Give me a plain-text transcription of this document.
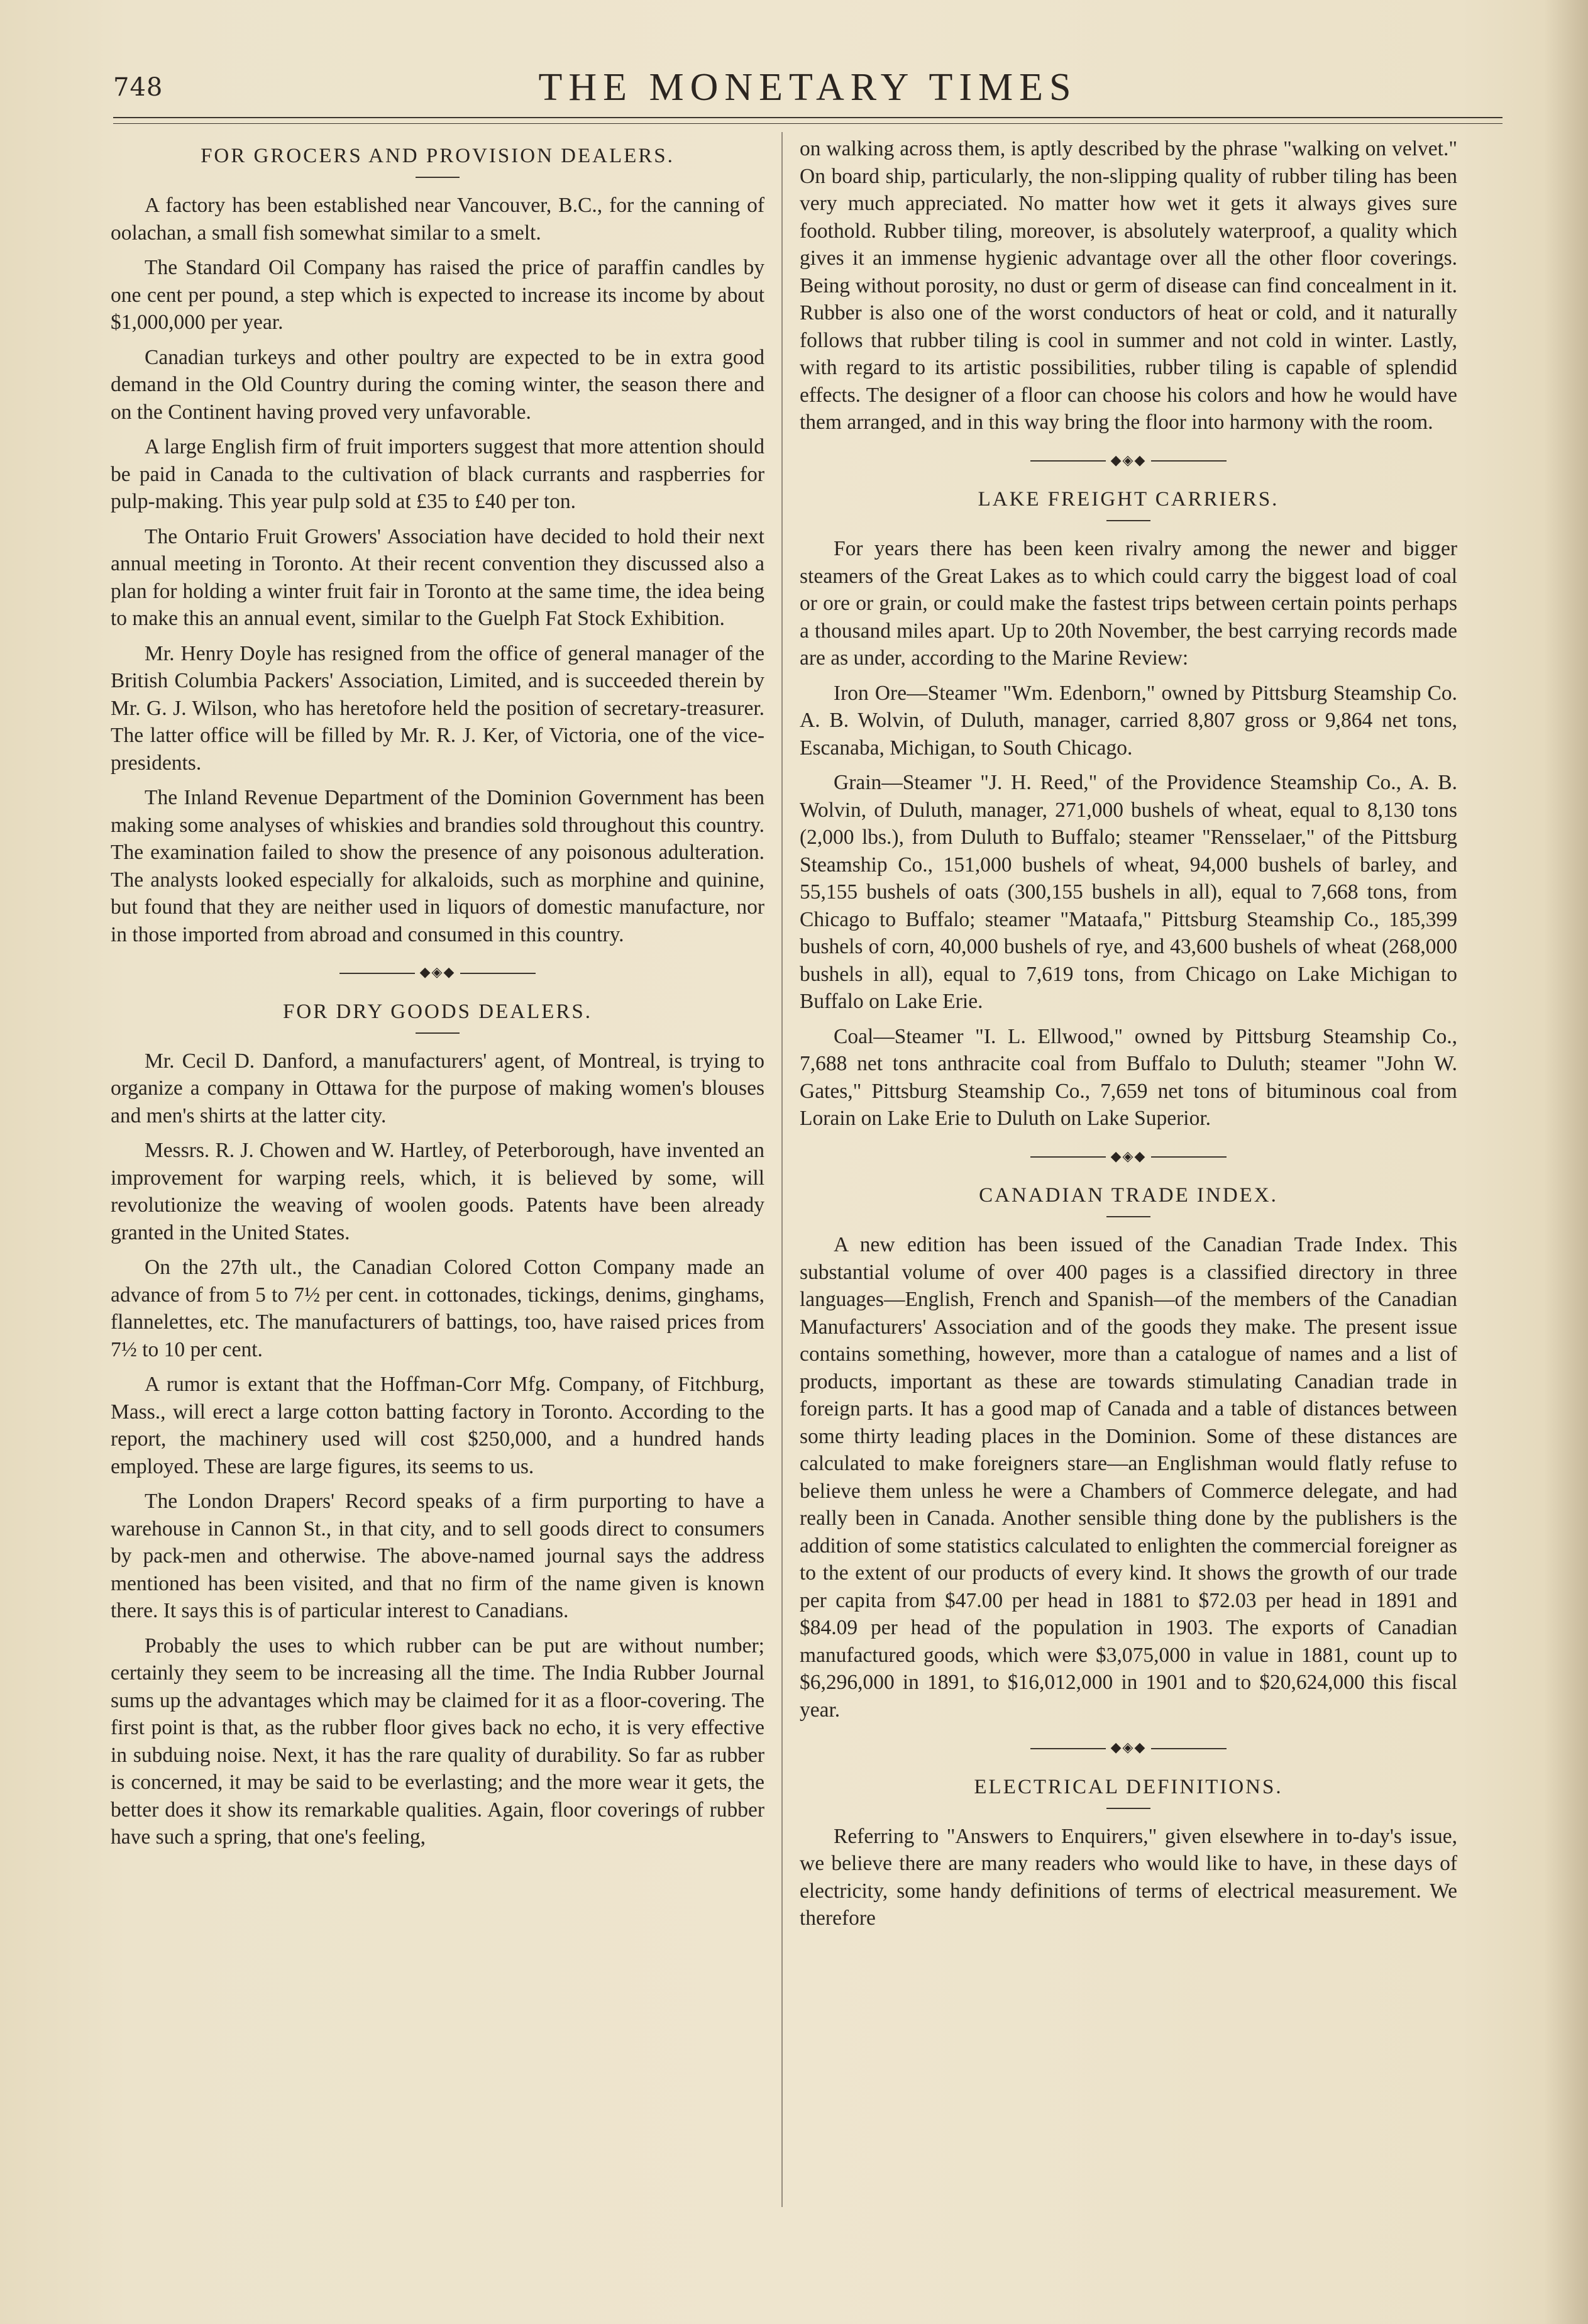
748	THE MONETARY TIMES
FOR GROCERS AND PROVISION DEALERS.

A factory has been established near Vancouver, B.C., for the canning of oolachan, a small fish somewhat similar to a smelt.

The Standard Oil Company has raised the price of paraffin candles by one cent per pound, a step which is expected to increase its income by about $1,000,000 per year.

Canadian turkeys and other poultry are expected to be in extra good demand in the Old Country during the coming winter, the season there and on the Continent having proved very unfavorable.

A large English firm of fruit importers suggest that more attention should be paid in Canada to the cultivation of black currants and raspberries for pulp-making. This year pulp sold at £35 to £40 per ton.

The Ontario Fruit Growers' Association have decided to hold their next annual meeting in Toronto. At their recent convention they discussed also a plan for holding a winter fruit fair in Toronto at the same time, the idea being to make this an annual event, similar to the Guelph Fat Stock Exhibition.

Mr. Henry Doyle has resigned from the office of general manager of the British Columbia Packers' Association, Limited, and is succeeded therein by Mr. G. J. Wilson, who has heretofore held the position of secretary-treasurer. The latter office will be filled by Mr. R. J. Ker, of Victoria, one of the vice-presidents.

The Inland Revenue Department of the Dominion Government has been making some analyses of whiskies and brandies sold throughout this country. The examination failed to show the presence of any poisonous adulteration. The analysts looked especially for alkaloids, such as morphine and quinine, but found that they are neither used in liquors of domestic manufacture, nor in those imported from abroad and consumed in this country.

◆◈◆
FOR DRY GOODS DEALERS.

Mr. Cecil D. Danford, a manufacturers' agent, of Montreal, is trying to organize a company in Ottawa for the purpose of making women's blouses and men's shirts at the latter city.

Messrs. R. J. Chowen and W. Hartley, of Peterborough, have invented an improvement for warping reels, which, it is believed by some, will revolutionize the weaving of woolen goods. Patents have been already granted in the United States.

On the 27th ult., the Canadian Colored Cotton Company made an advance of from 5 to 7½ per cent. in cottonades, tickings, denims, ginghams, flannelettes, etc. The manufacturers of battings, too, have raised prices from 7½ to 10 per cent.

A rumor is extant that the Hoffman-Corr Mfg. Company, of Fitchburg, Mass., will erect a large cotton batting factory in Toronto. According to the report, the machinery used will cost $250,000, and a hundred hands employed. These are large figures, its seems to us.

The London Drapers' Record speaks of a firm purporting to have a warehouse in Cannon St., in that city, and to sell goods direct to consumers by pack-men and otherwise. The above-named journal says the address mentioned has been visited, and that no firm of the name given is known there. It says this is of particular interest to Canadians.

Probably the uses to which rubber can be put are without number; certainly they seem to be increasing all the time. The India Rubber Journal sums up the advantages which may be claimed for it as a floor-covering. The first point is that, as the rubber floor gives back no echo, it is very effective in subduing noise. Next, it has the rare quality of durability. So far as rubber is concerned, it may be said to be everlasting; and the more wear it gets, the better does it show its remarkable qualities. Again, floor coverings of rubber have such a spring, that one's feeling,

on walking across them, is aptly described by the phrase "walking on velvet." On board ship, particularly, the non-slipping quality of rubber tiling has been very much appreciated. No matter how wet it gets it always gives sure foothold. Rubber tiling, moreover, is absolutely waterproof, a quality which gives it an immense hygienic advantage over all the other floor coverings. Being without porosity, no dust or germ of disease can find concealment in it. Rubber is also one of the worst conductors of heat or cold, and it naturally follows that rubber tiling is cool in summer and not cold in winter. Lastly, with regard to its artistic possibilities, rubber tiling is capable of splendid effects. The designer of a floor can choose his colors and how he would have them arranged, and in this way bring the floor into harmony with the room.

◆◈◆
LAKE FREIGHT CARRIERS.

For years there has been keen rivalry among the newer and bigger steamers of the Great Lakes as to which could carry the biggest load of coal or ore or grain, or could make the fastest trips between certain points perhaps a thousand miles apart. Up to 20th November, the best carrying records made are as under, according to the Marine Review:

Iron Ore—Steamer "Wm. Edenborn," owned by Pittsburg Steamship Co. A. B. Wolvin, of Duluth, manager, carried 8,807 gross or 9,864 net tons, Escanaba, Michigan, to South Chicago.

Grain—Steamer "J. H. Reed," of the Providence Steamship Co., A. B. Wolvin, of Duluth, manager, 271,000 bushels of wheat, equal to 8,130 tons (2,000 lbs.), from Duluth to Buffalo; steamer "Rensselaer," of the Pittsburg Steamship Co., 151,000 bushels of wheat, 94,000 bushels of barley, and 55,155 bushels of oats (300,155 bushels in all), equal to 7,668 tons, from Chicago to Buffalo; steamer "Mataafa," Pittsburg Steamship Co., 185,399 bushels of corn, 40,000 bushels of rye, and 43,600 bushels of wheat (268,000 bushels in all), equal to 7,619 tons, from Chicago on Lake Michigan to Buffalo on Lake Erie.

Coal—Steamer "I. L. Ellwood," owned by Pittsburg Steamship Co., 7,688 net tons anthracite coal from Buffalo to Duluth; steamer "John W. Gates," Pittsburg Steamship Co., 7,659 net tons of bituminous coal from Lorain on Lake Erie to Duluth on Lake Superior.

◆◈◆
CANADIAN TRADE INDEX.

A new edition has been issued of the Canadian Trade Index. This substantial volume of over 400 pages is a classified directory in three languages—English, French and Spanish—of the members of the Canadian Manufacturers' Association and of the goods they make. The present issue contains something, however, more than a catalogue of names and a list of products, important as these are towards stimulating Canadian trade in foreign parts. It has a good map of Canada and a table of distances between some thirty leading places in the Dominion. Some of these distances are calculated to make foreigners stare—an Englishman would flatly refuse to believe them unless he were a Chambers of Commerce delegate, and had really been in Canada. Another sensible thing done by the publishers is the addition of some statistics calculated to enlighten the commercial foreigner as to the extent of our products of every kind. It shows the growth of our trade per capita from $47.00 per head in 1881 to $72.03 per head in 1891 and $84.09 per head of the population in 1903. The exports of Canadian manufactured goods, which were $3,075,000 in value in 1881, count up to $6,296,000 in 1891, to $16,012,000 in 1901 and to $20,624,000 this fiscal year.

◆◈◆
ELECTRICAL DEFINITIONS.

Referring to "Answers to Enquirers," given elsewhere in to-day's issue, we believe there are many readers who would like to have, in these days of electricity, some handy definitions of terms of electrical measurement. We therefore
